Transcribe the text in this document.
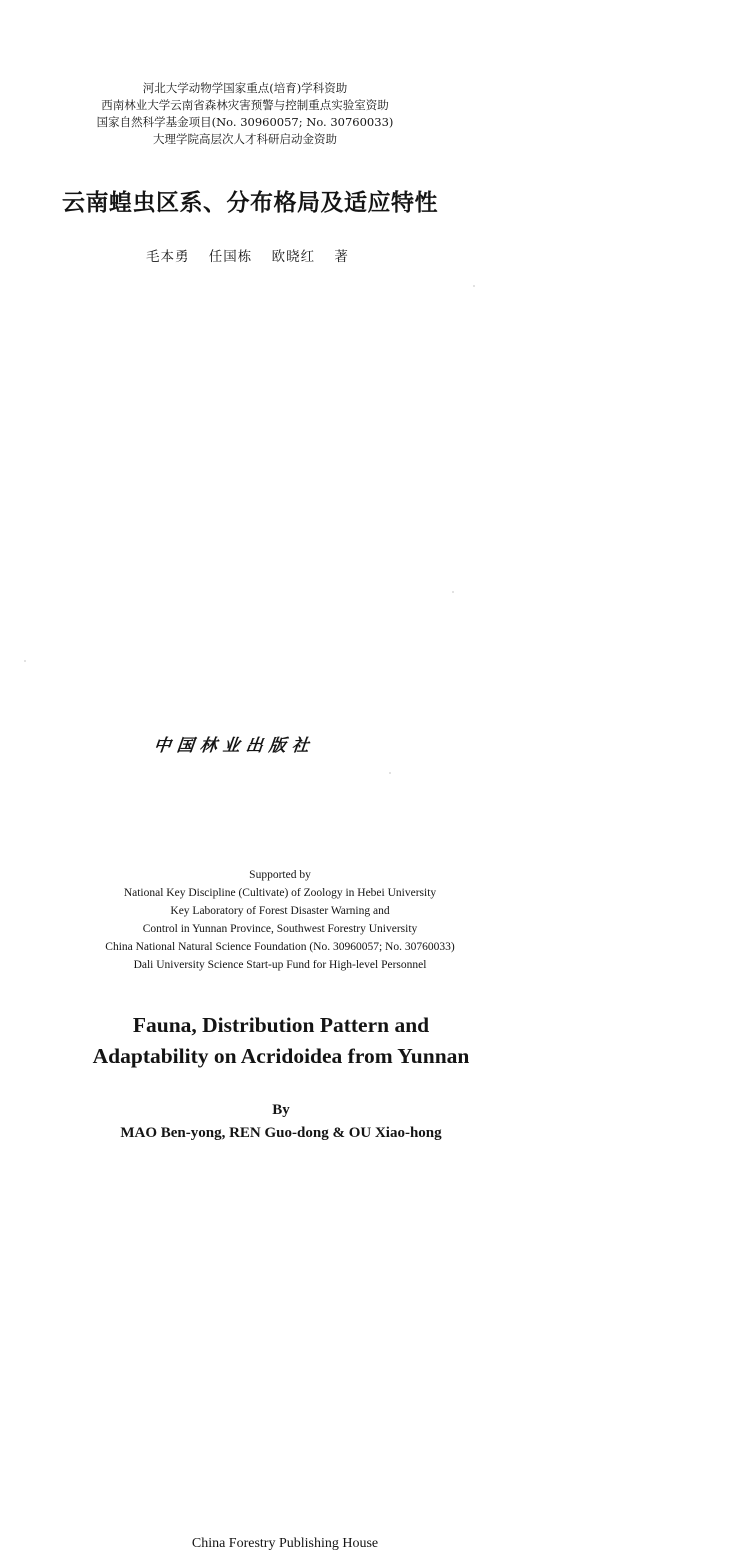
河北大学动物学国家重点(培育)学科资助
西南林业大学云南省森林灾害预警与控制重点实验室资助
国家自然科学基金项目(No. 30960057; No. 30760033)
大理学院高层次人才科研启动金资助
云南蝗虫区系、分布格局及适应特性
毛本勇 任国栋 欧晓红 著
中国林业出版社
Supported by
National Key Discipline (Cultivate) of Zoology in Hebei University
Key Laboratory of Forest Disaster Warning and
Control in Yunnan Province, Southwest Forestry University
China National Natural Science Foundation (No. 30960057; No. 30760033)
Dali University Science Start-up Fund for High-level Personnel
Fauna, Distribution Pattern and
Adaptability on Acridoidea from Yunnan
By
MAO Ben-yong, REN Guo-dong & OU Xiao-hong
China Forestry Publishing House
